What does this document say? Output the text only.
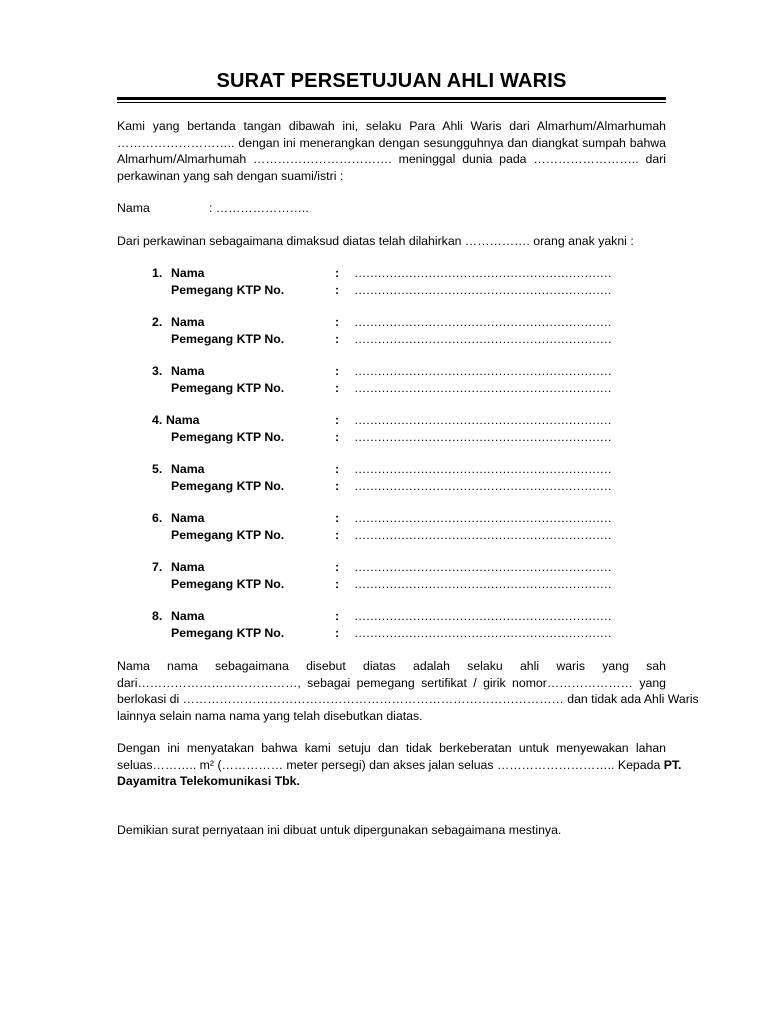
SURAT PERSETUJUAN AHLI WARIS
Kami yang bertanda tangan dibawah ini, selaku Para Ahli Waris dari Almarhum/Almarhumah
……………………….. dengan ini menerangkan dengan sesungguhnya dan diangkat sumpah bahwa
Almarhum/Almarhumah ……………………………. meninggal dunia pada …………………….. dari
perkawinan yang sah dengan suami/istri :
Nama	: …………………..
Dari perkawinan sebagaimana dimaksud diatas telah dilahirkan ……………. orang anak yakni :
1. Nama	: …………………………………………………………
Pemegang KTP No.	: …………………………………………………………
2. Nama	: …………………………………………………………
Pemegang KTP No.	: …………………………………………………………
3. Nama	: …………………………………………………………
Pemegang KTP No.	: …………………………………………………………
4. Nama	: …………………………………………………………
Pemegang KTP No.	: …………………………………………………………
5. Nama	: …………………………………………………………
Pemegang KTP No.	: …………………………………………………………
6. Nama	: …………………………………………………………
Pemegang KTP No.	: …………………………………………………………
7. Nama	: …………………………………………………………
Pemegang KTP No.	: …………………………………………………………
8. Nama	: …………………………………………………………
Pemegang KTP No.	: …………………………………………………………
Nama nama sebagaimana disebut diatas adalah selaku ahli waris yang sah
dari…………………………………, sebagai pemegang sertifikat / girik nomor………………… yang
berlokasi di ………………………………………………………………………………… dan tidak ada Ahli Waris
lainnya selain nama nama yang telah disebutkan diatas.
Dengan ini menyatakan bahwa kami setuju dan tidak berkeberatan untuk menyewakan lahan
seluas……….. m² (…………… meter persegi) dan akses jalan seluas ……………………….. Kepada PT.
Dayamitra Telekomunikasi Tbk.
Demikian surat pernyataan ini dibuat untuk dipergunakan sebagaimana mestinya.
